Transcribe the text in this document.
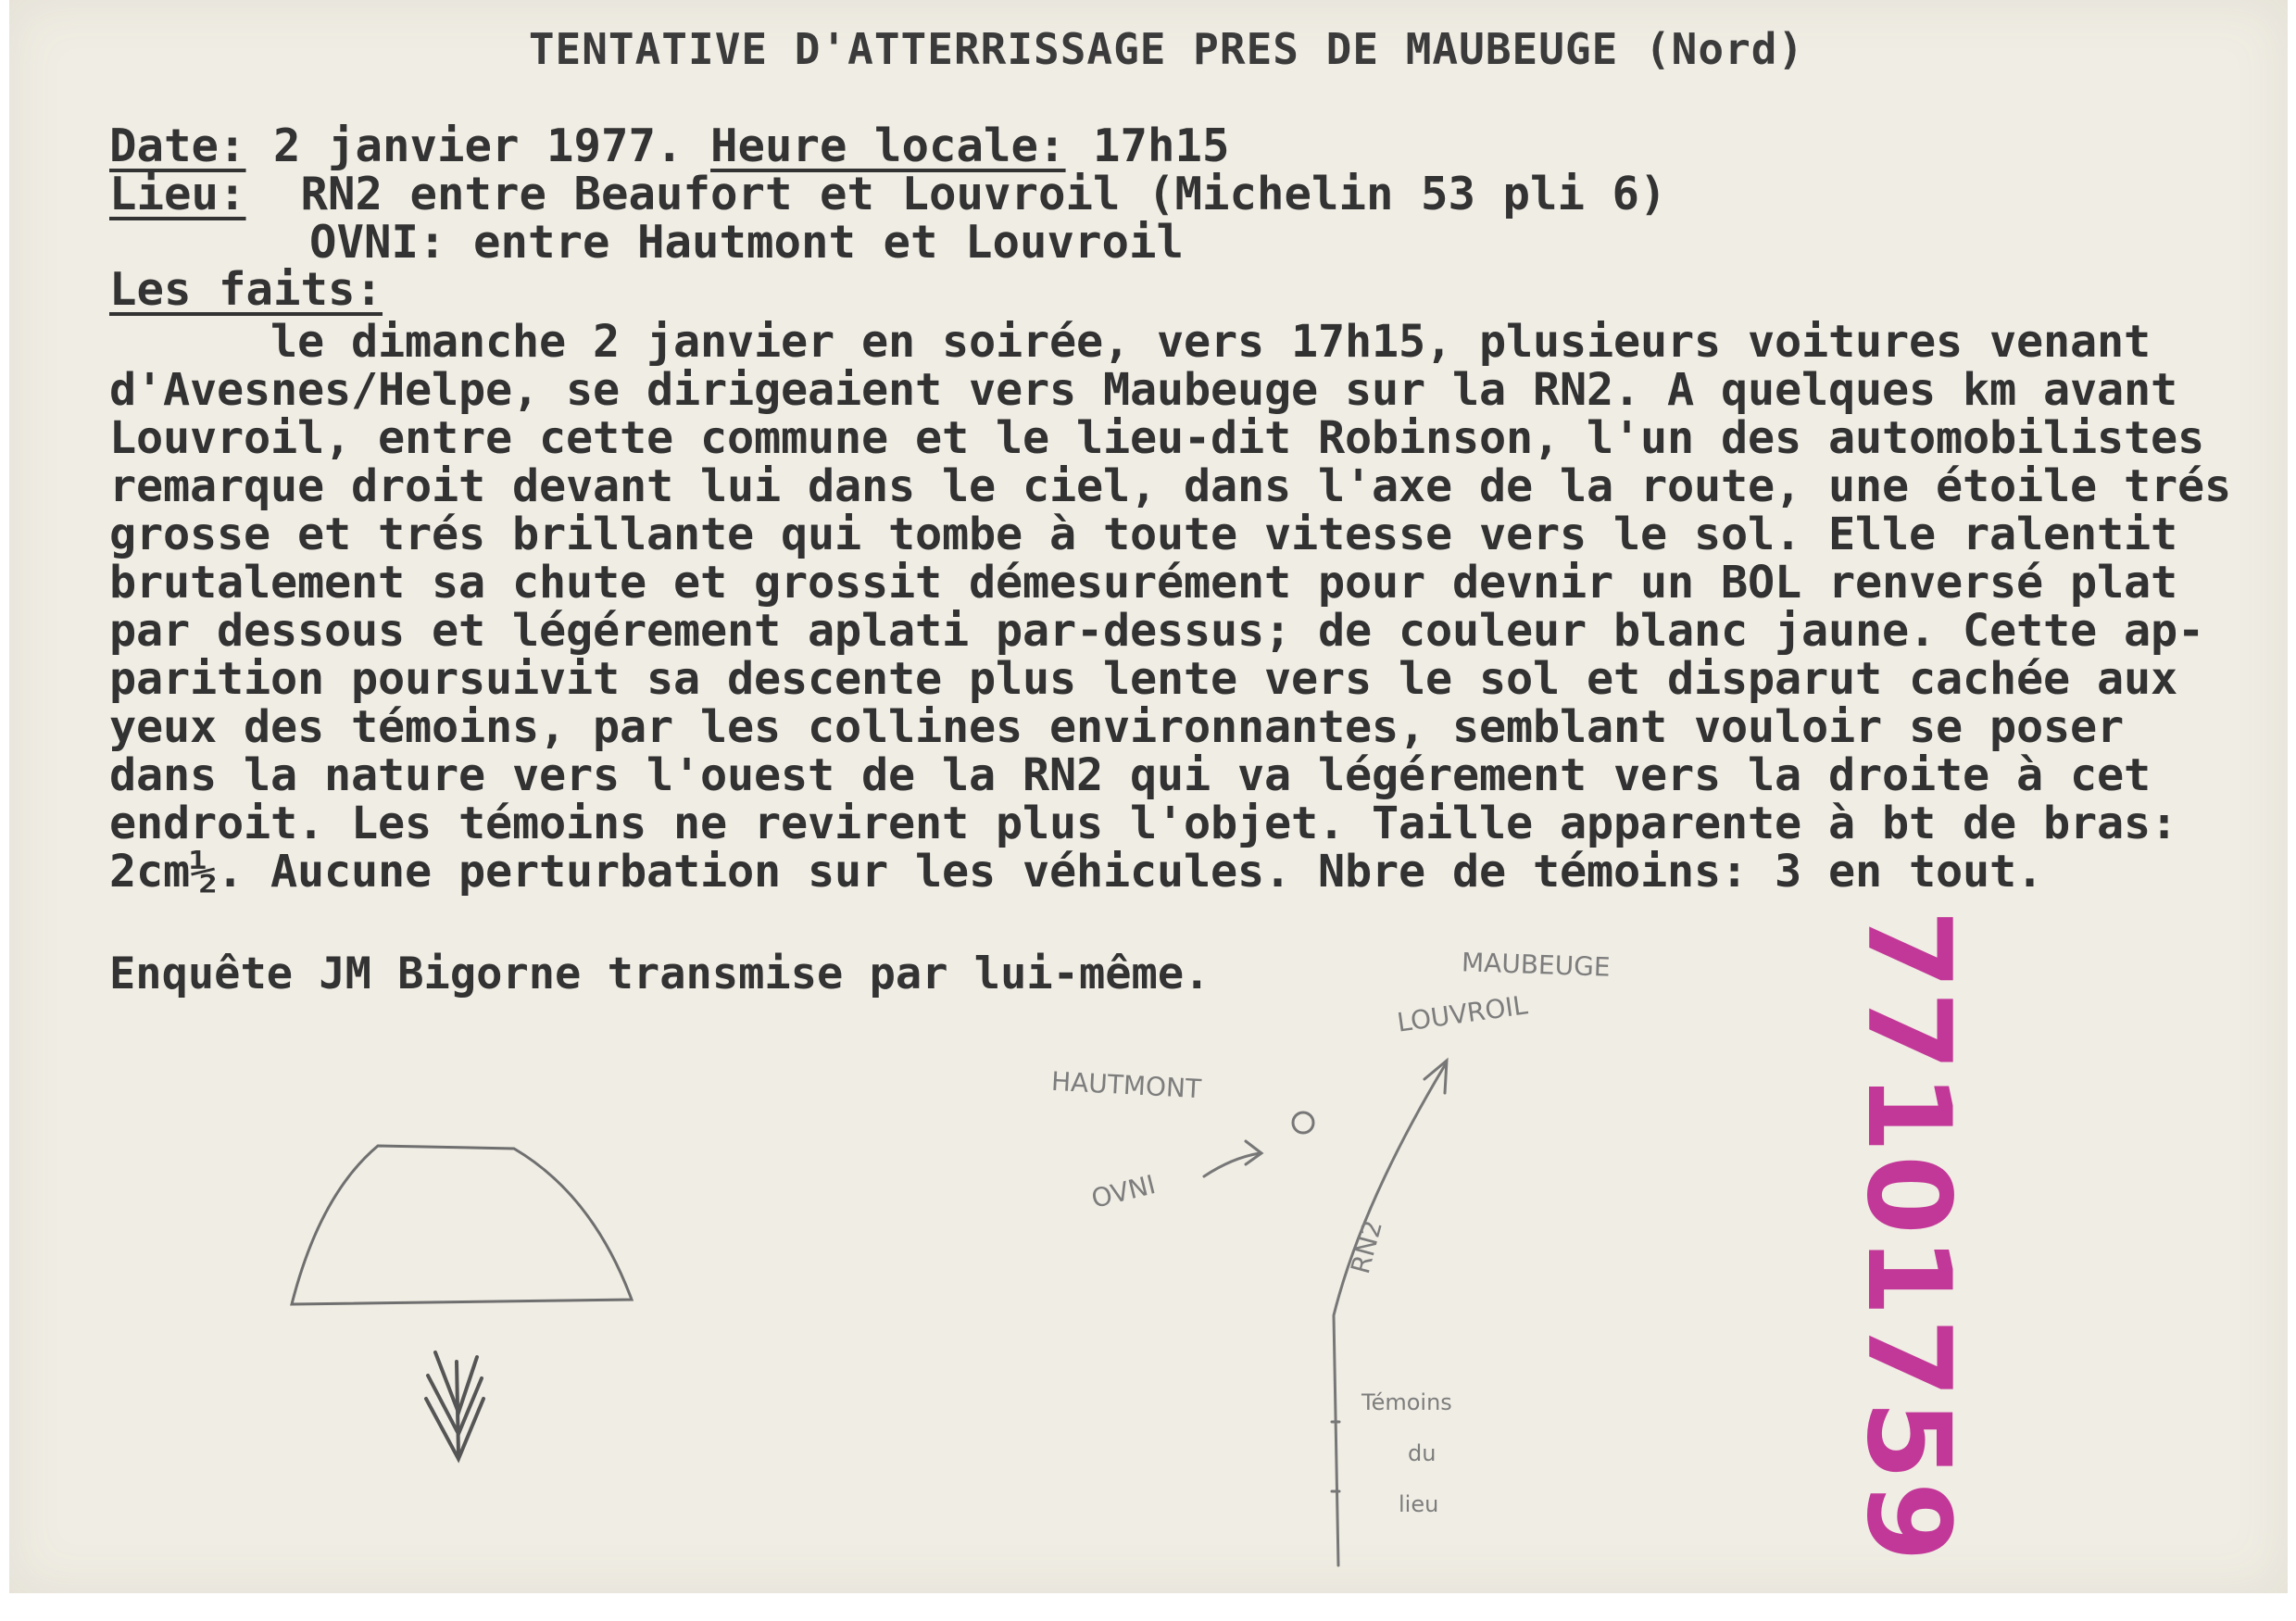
TENTATIVE D'ATTERRISSAGE PRES DE MAUBEUGE (Nord)
Date: 2 janvier 1977. Heure locale: 17h15
Lieu:  RN2 entre Beaufort et Louvroil (Michelin 53 pli 6)
OVNI: entre Hautmont et Louvroil
Les faits:
le dimanche 2 janvier en soirée, vers 17h15, plusieurs voitures venant
d'Avesnes/Helpe, se dirigeaient vers Maubeuge sur la RN2. A quelques km avant
Louvroil, entre cette commune et le lieu-dit Robinson, l'un des automobilistes
remarque droit devant lui dans le ciel, dans l'axe de la route, une étoile trés
grosse et trés brillante qui tombe à toute vitesse vers le sol. Elle ralentit
brutalement sa chute et grossit démesurément pour devnir un BOL renversé plat
par dessous et légérement aplati par-dessus; de couleur blanc jaune. Cette ap-
parition poursuivit sa descente plus lente vers le sol et disparut cachée aux
yeux des témoins, par les collines environnantes, semblant vouloir se poser
dans la nature vers l'ouest de la RN2 qui va légérement vers la droite à cet
endroit. Les témoins ne revirent plus l'objet. Taille apparente à bt de bras:
2cm½. Aucune perturbation sur les véhicules. Nbre de témoins: 3 en tout.
Enquête JM Bigorne transmise par lui-même.	77101759
MAUBEUGE
LOUVROIL
HAUTMONT
OVNI
RN2
Témoins
du
lieu
